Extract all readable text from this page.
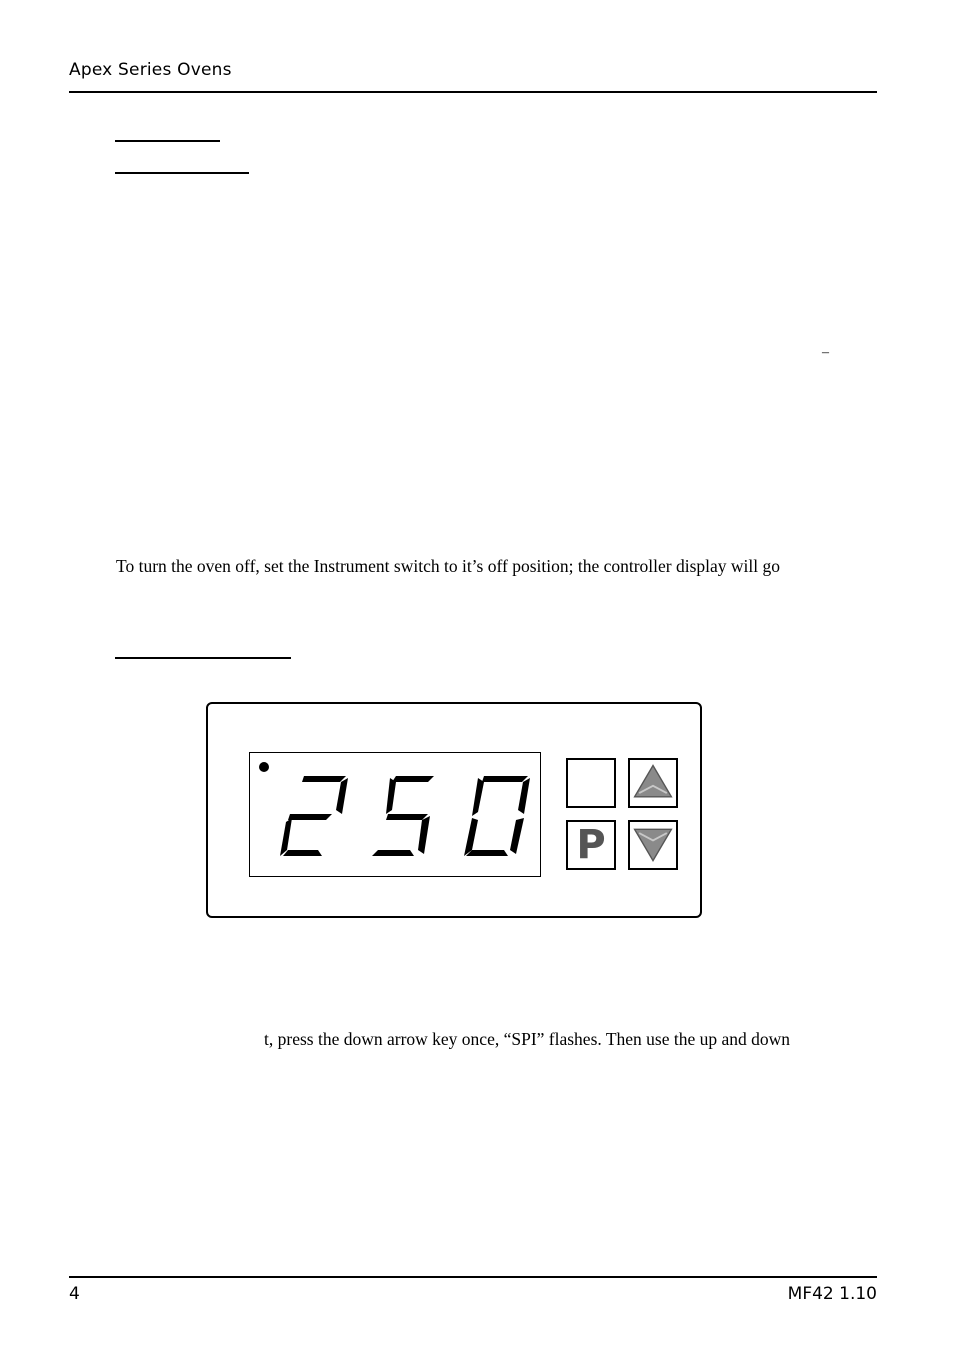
Apex Series Ovens
–
To turn the oven off, set the Instrument switch to it’s off position; the controller display will go
P
t, press the down arrow key once, “SPI” flashes. Then use the up and down
4	MF42 1.10
